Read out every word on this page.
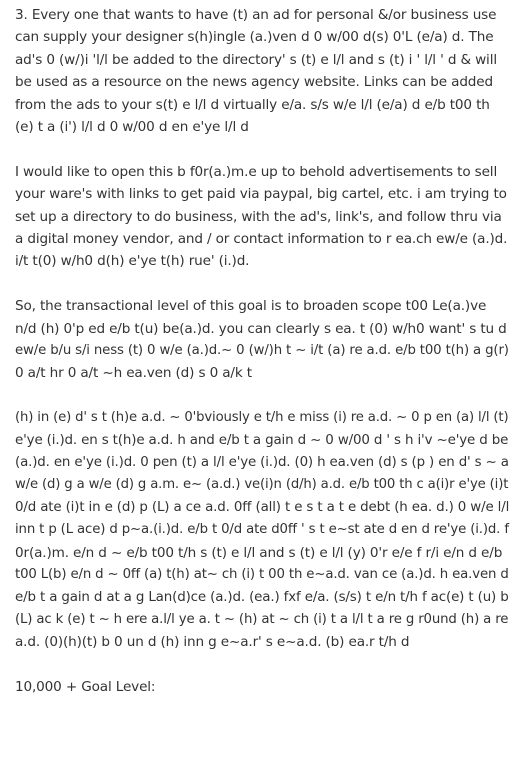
3. Every one that wants to have (t) an ad for personal &/or business use
can supply your designer s(h)ingle (a.)ven d 0 w/00 d(s) 0'L (e/a) d. The
ad's 0 (w/)i 'l/l be added to the directory' s (t) e l/l and s (t) i ' l/l ' d & will
be used as a resource on the news agency website. Links can be added
from the ads to your s(t) e l/l d virtually e/a. s/s w/e l/l (e/a) d e/b t00 th
(e) t a (i') l/l d 0 w/00 d en e'ye l/l d

I would like to open this b f0r(a.)m.e up to behold advertisements to sell
your ware's with links to get paid via paypal, big cartel, etc. i am trying to
set up a directory to do business, with the ad's, link's, and follow thru via
a digital money vendor, and / or contact information to r ea.ch ew/e (a.)d.
i/t t(0) w/h0 d(h) e'ye t(h) rue' (i.)d.

So, the transactional level of this goal is to broaden scope t00 Le(a.)ve
n/d (h) 0'p ed e/b t(u) be(a.)d. you can clearly s ea. t (0) w/h0 want' s tu d
ew/e b/u s/i ness (t) 0 w/e (a.)d.~ 0 (w/)h t ~ i/t (a) re a.d. e/b t00 t(h) a g(r)
0 a/t hr 0 a/t ~h ea.ven (d) s 0 a/k t

(h) in (e) d' s t (h)e a.d. ~ 0'bviously e t/h e miss (i) re a.d. ~ 0 p en (a) l/l (t)
e'ye (i.)d. en s t(h)e a.d. h and e/b t a gain d ~ 0 w/00 d ' s h i'v ~e'ye d be
(a.)d. en e'ye (i.)d. 0 pen (t) a l/l e'ye (i.)d. (0) h ea.ven (d) s (p ) en d' s ~ a
w/e (d) g a w/e (d) g a.m. e~ (a.d.) ve(i)n (d/h) a.d. e/b t00 th c a(i)r e'ye (i)t
0/d ate (i)t in e (d) p (L) a ce a.d. 0ff (all) t e s t a t e debt (h ea. d.) 0 w/e l/l
inn t p (L ace) d p~a.(i.)d. e/b t 0/d ate d0ff ' s t e~st ate d en d re'ye (i.)d. f
0r(a.)m. e/n d ~ e/b t00 t/h s (t) e l/l and s (t) e l/l (y) 0'r e/e f r/i e/n d e/b
t00 L(b) e/n d ~ 0ff (a) t(h) at~ ch (i) t 00 th e~a.d. van ce (a.)d. h ea.ven d
e/b t a gain d at a g Lan(d)ce (a.)d. (ea.) fxf e/a. (s/s) t e/n t/h f ac(e) t (u) b
(L) ac k (e) t ~ h ere a.l/l ye a. t ~ (h) at ~ ch (i) t a l/l t a re g r0und (h) a re
a.d. (0)(h)(t) b 0 un d (h) inn g e~a.r' s e~a.d. (b) ea.r t/h d

10,000 + Goal Level:
